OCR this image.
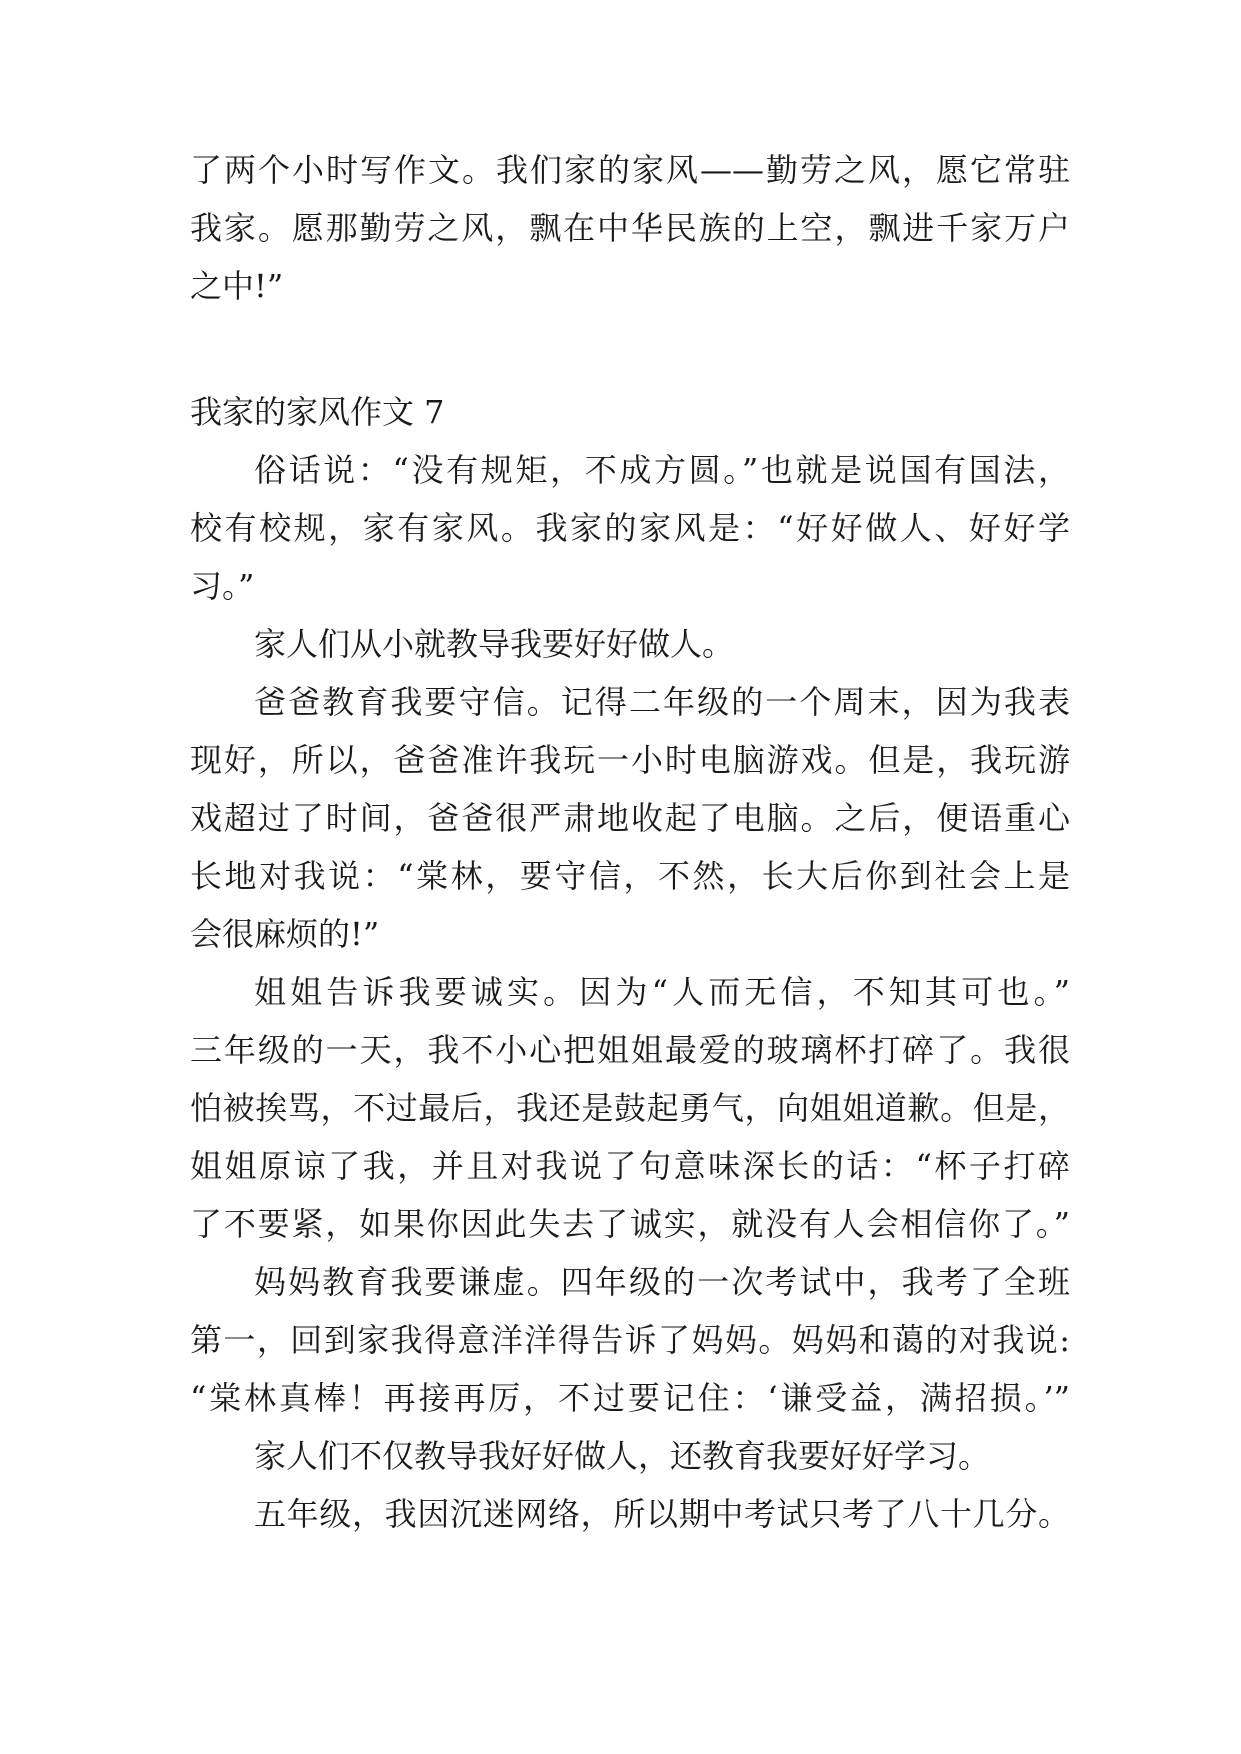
了两个小时写作文。我们家的家风——勤劳之风，愿它常驻
我家。愿那勤劳之风，飘在中华民族的上空，飘进千家万户
之中!”
我家的家风作文 7
俗话说：“没有规矩，不成方圆。”也就是说国有国法，
校有校规，家有家风。我家的家风是：“好好做人、好好学
习。”
家人们从小就教导我要好好做人。
爸爸教育我要守信。记得二年级的一个周末，因为我表
现好，所以，爸爸准许我玩一小时电脑游戏。但是，我玩游
戏超过了时间，爸爸很严肃地收起了电脑。之后，便语重心
长地对我说：“棠林，要守信，不然，长大后你到社会上是
会很麻烦的!”
姐姐告诉我要诚实。因为“人而无信，不知其可也。”
三年级的一天，我不小心把姐姐最爱的玻璃杯打碎了。我很
怕被挨骂，不过最后，我还是鼓起勇气，向姐姐道歉。但是，
姐姐原谅了我，并且对我说了句意味深长的话：“杯子打碎
了不要紧，如果你因此失去了诚实，就没有人会相信你了。”
妈妈教育我要谦虚。四年级的一次考试中，我考了全班
第一，回到家我得意洋洋得告诉了妈妈。妈妈和蔼的对我说:
“棠林真棒！再接再厉，不过要记住：‘谦受益，满招损。’”
家人们不仅教导我好好做人，还教育我要好好学习。
五年级，我因沉迷网络，所以期中考试只考了八十几分。
